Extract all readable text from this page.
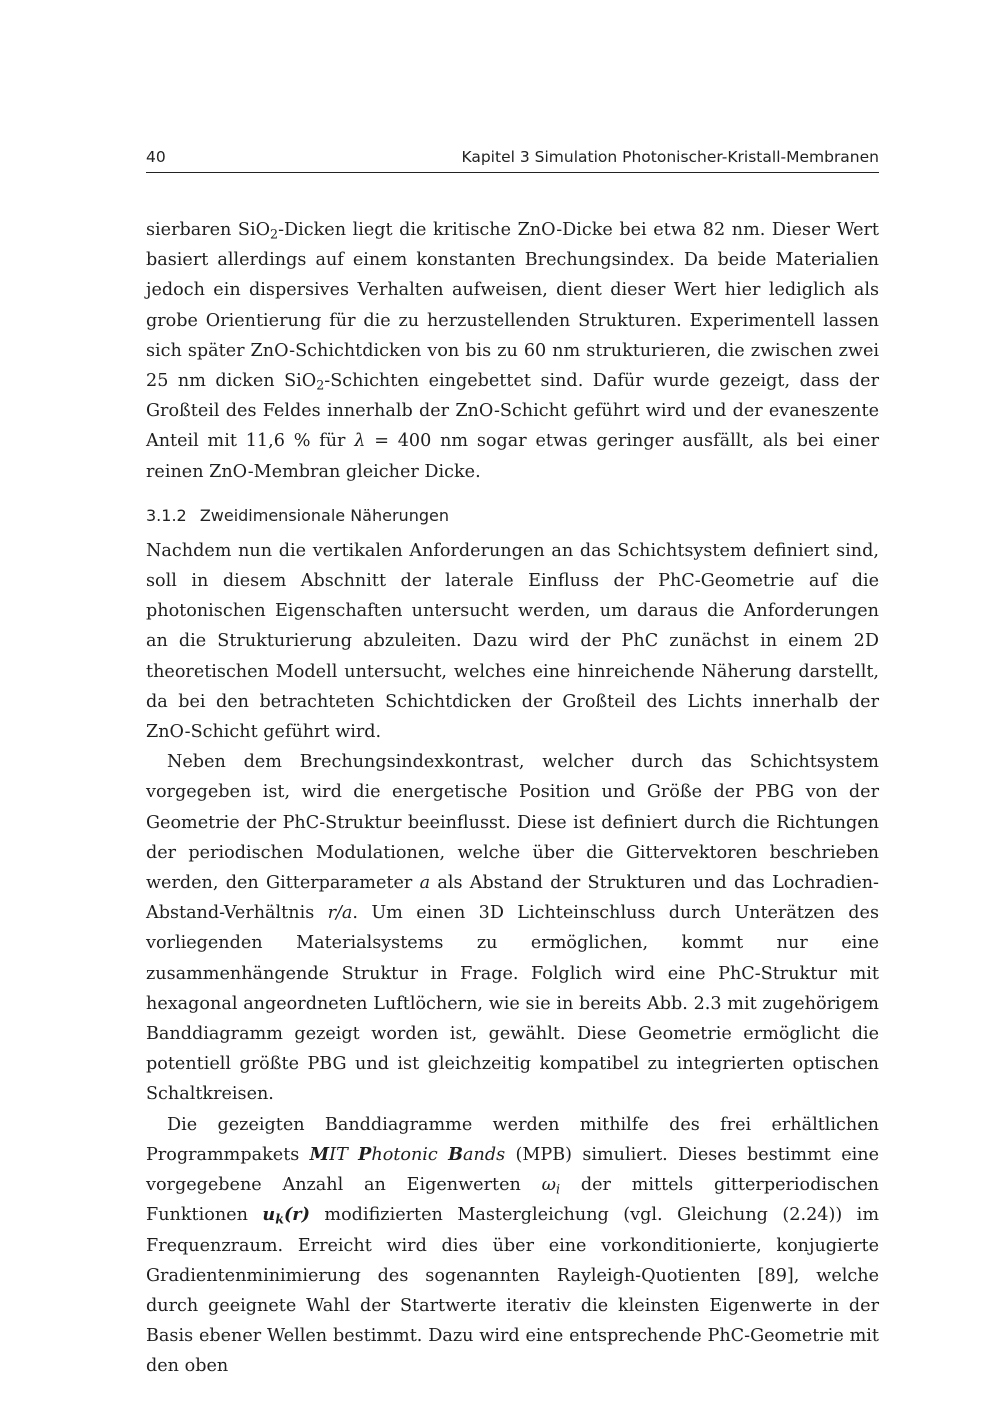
40	Kapitel 3 Simulation Photonischer-Kristall-Membranen

sierbaren SiO$_2$-Dicken liegt die kritische ZnO-Dicke bei etwa 82 nm. Dieser Wert basiert allerdings auf einem konstanten Brechungsindex. Da beide Materialien jedoch ein dispersives Verhalten aufweisen, dient dieser Wert hier lediglich als grobe Orientierung für die zu herzustellenden Strukturen. Experimentell lassen sich später ZnO-Schichtdicken von bis zu 60 nm strukturieren, die zwischen zwei 25 nm dicken SiO$_2$-Schichten eingebettet sind. Dafür wurde gezeigt, dass der Großteil des Feldes innerhalb der ZnO-Schicht geführt wird und der evaneszente Anteil mit 11,6 % für λ = 400 nm sogar etwas geringer ausfällt, als bei einer reinen ZnO-Membran gleicher Dicke.

3.1.2 Zweidimensionale Näherungen

Nachdem nun die vertikalen Anforderungen an das Schichtsystem definiert sind, soll in diesem Abschnitt der laterale Einfluss der PhC-Geometrie auf die photonischen Eigenschaften untersucht werden, um daraus die Anforderungen an die Strukturierung abzuleiten. Dazu wird der PhC zunächst in einem 2D theoretischen Modell untersucht, welches eine hinreichende Näherung darstellt, da bei den betrachteten Schichtdicken der Großteil des Lichts innerhalb der ZnO-Schicht geführt wird.

Neben dem Brechungsindexkontrast, welcher durch das Schichtsystem vorgegeben ist, wird die energetische Position und Größe der PBG von der Geometrie der PhC-Struktur beeinflusst. Diese ist definiert durch die Richtungen der periodischen Modulationen, welche über die Gittervektoren beschrieben werden, den Gitterparameter a als Abstand der Strukturen und das Lochradien-Abstand-Verhältnis r/a. Um einen 3D Lichteinschluss durch Unterätzen des vorliegenden Materialsystems zu ermöglichen, kommt nur eine zusammenhängende Struktur in Frage. Folglich wird eine PhC-Struktur mit hexagonal angeordneten Luftlöchern, wie sie in bereits Abb. 2.3 mit zugehörigem Banddiagramm gezeigt worden ist, gewählt. Diese Geometrie ermöglicht die potentiell größte PBG und ist gleichzeitig kompatibel zu integrierten optischen Schaltkreisen.

Die gezeigten Banddiagramme werden mithilfe des frei erhältlichen Programmpakets MIT Photonic Bands (MPB) simuliert. Dieses bestimmt eine vorgegebene Anzahl an Eigenwerten $\omega_i$ der mittels gitterperiodischen Funktionen $u_k(r)$ modifizierten Mastergleichung (vgl. Gleichung (2.24)) im Frequenzraum. Erreicht wird dies über eine vorkonditionierte, konjugierte Gradientenminimierung des sogenannten Rayleigh-Quotienten [89], welche durch geeignete Wahl der Startwerte iterativ die kleinsten Eigenwerte in der Basis ebener Wellen bestimmt. Dazu wird eine entsprechende PhC-Geometrie mit den oben
